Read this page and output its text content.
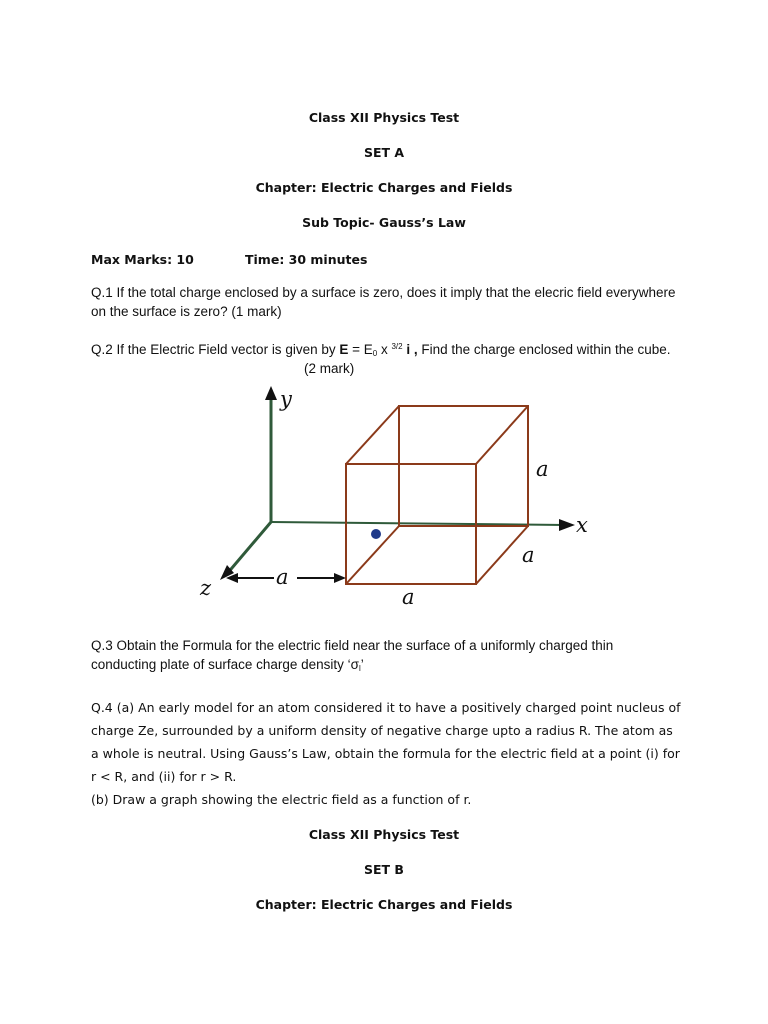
Class XII Physics Test
SET A
Chapter: Electric Charges and Fields
Sub Topic- Gauss’s Law
Max Marks: 10	Time: 30 minutes
Q.1 If the total charge enclosed by a surface is zero, does it imply that the elecric field everywhere on the surface is zero? (1 mark)
Q.2 If the Electric Field vector is given by $E = E_0$ x $^{3/2}$ i , Find the charge enclosed within the cube.
(2 mark)
y
x
z	a
a
a
a
Q.3 Obtain the Formula for the electric field near the surface of a uniformly charged thin conducting plate of surface charge density ‘$\sigma_l$’
Q.4 (a) An early model for an atom considered it to have a positively charged point nucleus of charge Ze, surrounded by a uniform density of negative charge upto a radius R. The atom as a whole is neutral. Using Gauss’s Law, obtain the formula for the electric field at a point (i) for r < R, and (ii) for r > R.
(b) Draw a graph showing the electric field as a function of r.
Class XII Physics Test
SET B
Chapter: Electric Charges and Fields
